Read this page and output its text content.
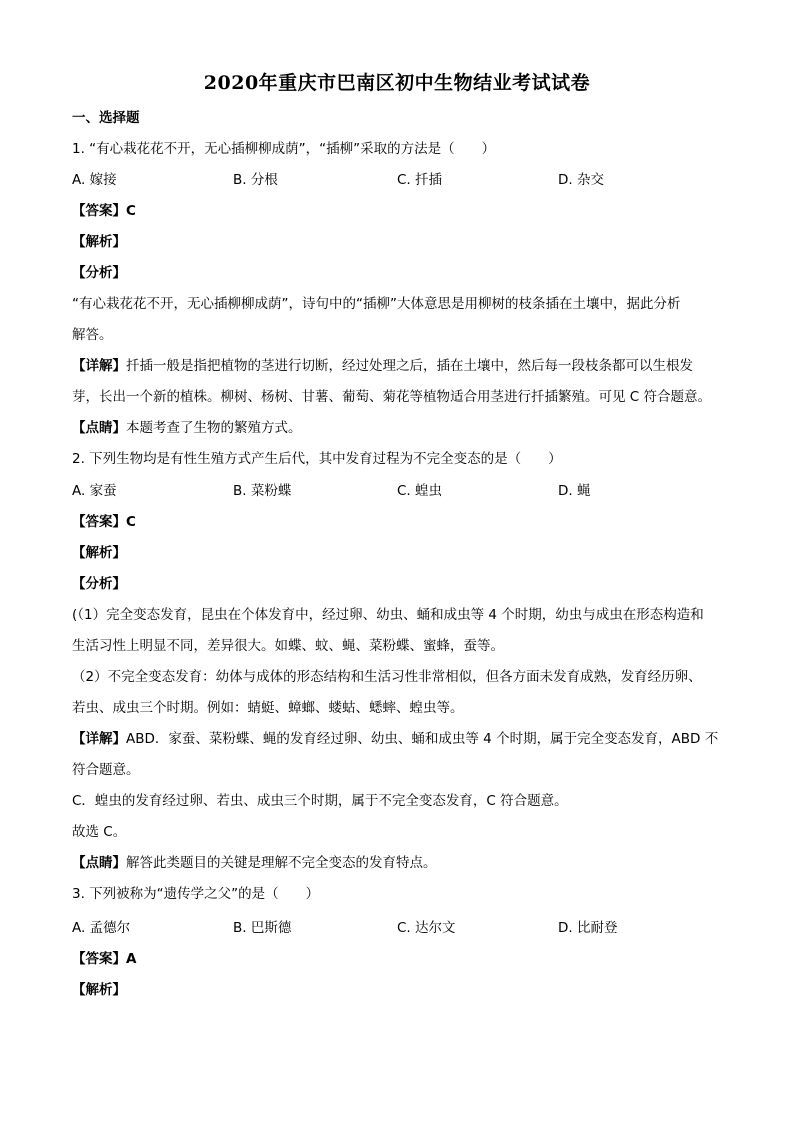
2020年重庆市巴南区初中生物结业考试试卷

一、选择题

1. “有心栽花花不开，无心插柳柳成荫”，“插柳”采取的方法是（　　）

A. 嫁接	B. 分根	C. 扦插	D. 杂交

【答案】C

【解析】

【分析】

“有心栽花花不开，无心插柳柳成荫”，诗句中的“插柳”大体意思是用柳树的枝条插在土壤中，据此分析

解答。

【详解】扦插一般是指把植物的茎进行切断，经过处理之后，插在土壤中，然后每一段枝条都可以生根发

芽，长出一个新的植株。柳树、杨树、甘薯、葡萄、菊花等植物适合用茎进行扦插繁殖。可见 C 符合题意。

【点睛】本题考查了生物的繁殖方式。

2. 下列生物均是有性生殖方式产生后代，其中发育过程为不完全变态的是（　　）

A. 家蚕	B. 菜粉蝶	C. 蝗虫	D. 蝇

【答案】C

【解析】

【分析】

(（1）完全变态发育，昆虫在个体发育中，经过卵、幼虫、蛹和成虫等 4 个时期，幼虫与成虫在形态构造和

生活习性上明显不同，差异很大。如蝶、蚊、蝇、菜粉蝶、蜜蜂，蚕等。

（2）不完全变态发育：幼体与成体的形态结构和生活习性非常相似，但各方面未发育成熟，发育经历卵、

若虫、成虫三个时期。例如：蜻蜓、蟑螂、蝼蛄、蟋蟀、蝗虫等。

【详解】ABD．家蚕、菜粉蝶、蝇的发育经过卵、幼虫、蛹和成虫等 4 个时期，属于完全变态发育，ABD 不

符合题意。

C．蝗虫的发育经过卵、若虫、成虫三个时期，属于不完全变态发育，C 符合题意。

故选 C。

【点睛】解答此类题目的关键是理解不完全变态的发育特点。

3. 下列被称为“遗传学之父”的是（　　）

A. 孟德尔	B. 巴斯德	C. 达尔文	D. 比耐登

【答案】A

【解析】
